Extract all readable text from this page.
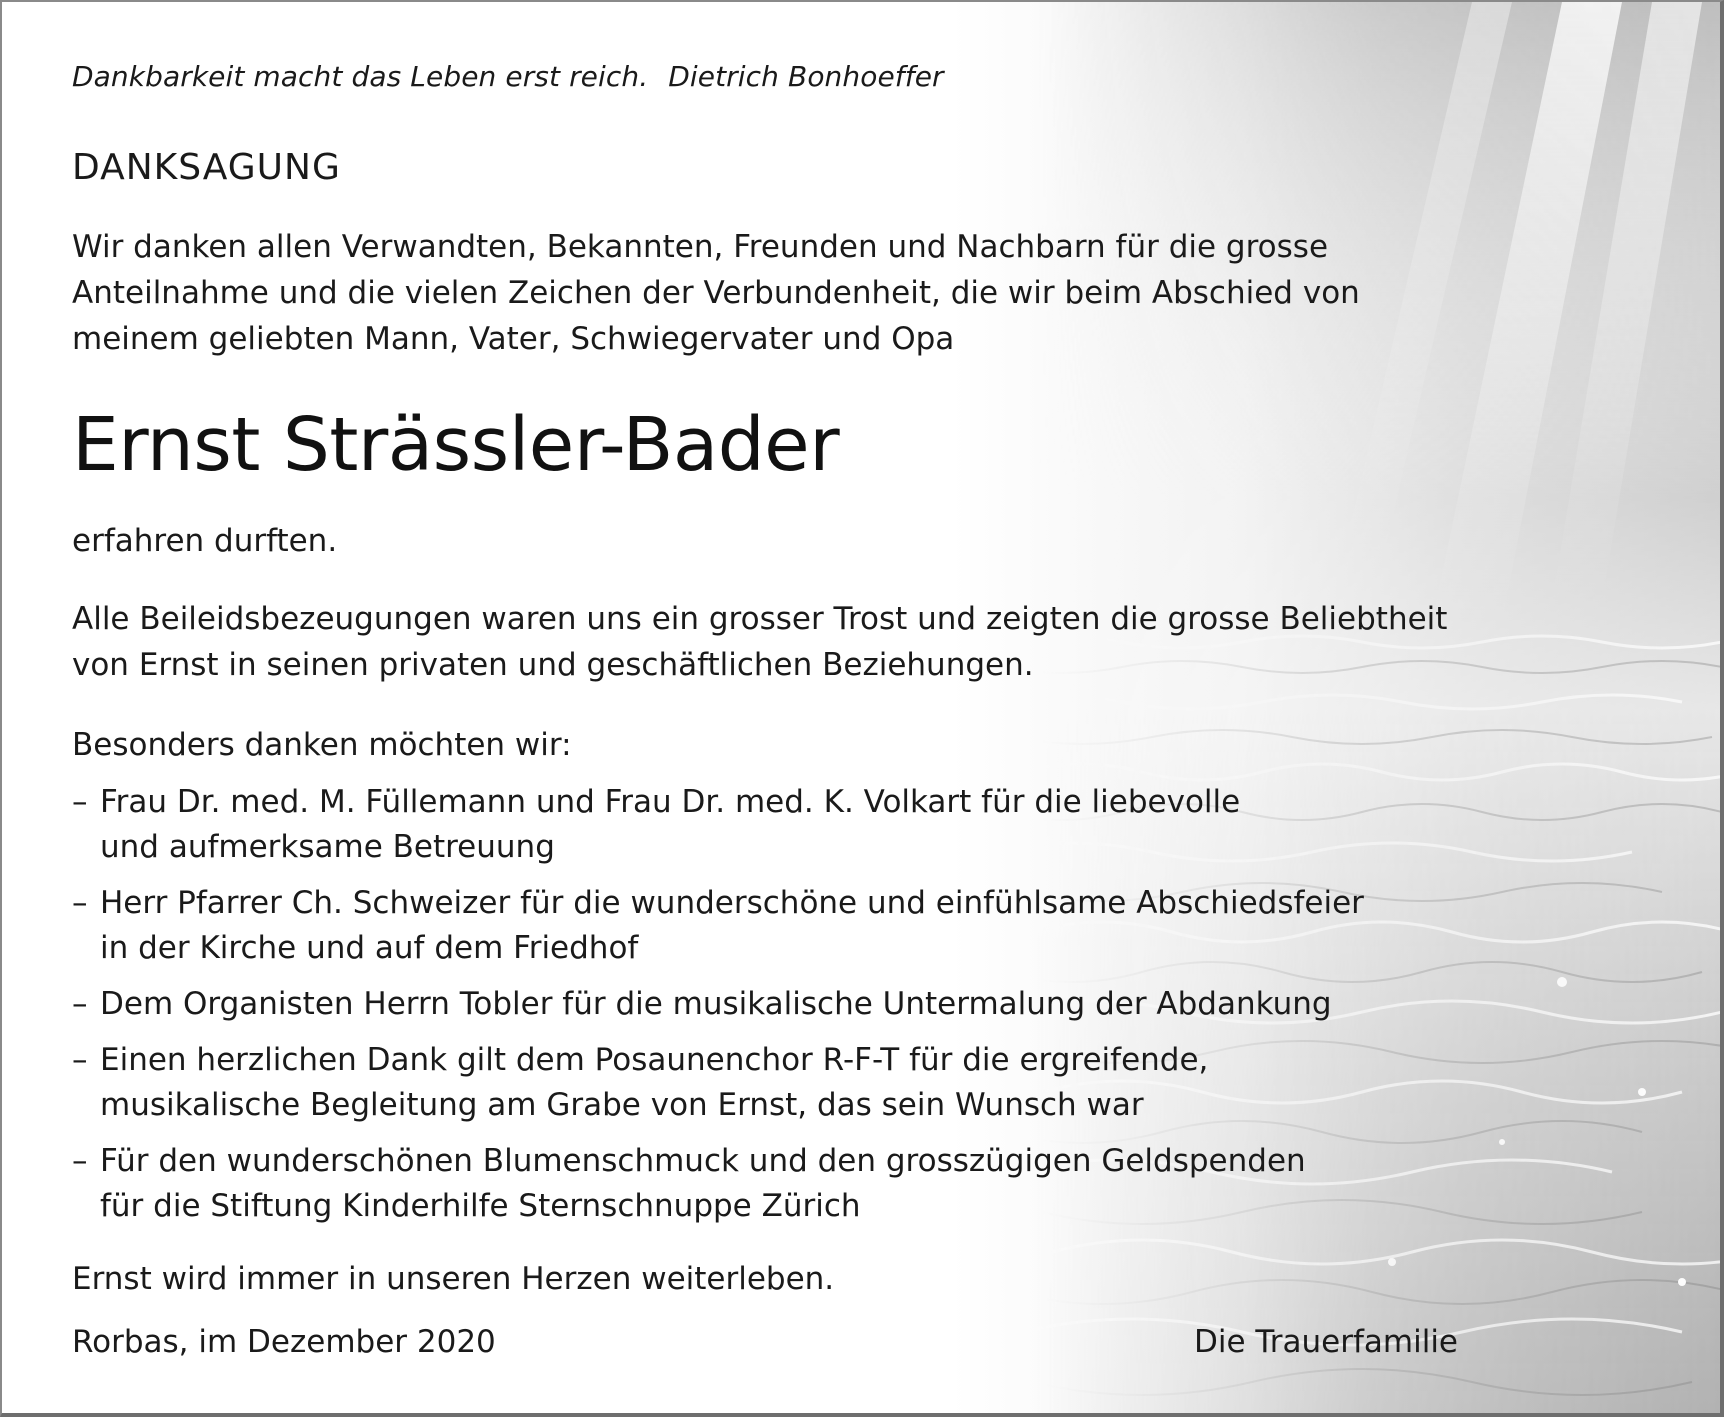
Dankbarkeit macht das Leben erst reich. Dietrich Bonhoeffer
DANKSAGUNG
Wir danken allen Verwandten, Bekannten, Freunden und Nachbarn für die grosse
Anteilnahme und die vielen Zeichen der Verbundenheit, die wir beim Abschied von
meinem geliebten Mann, Vater, Schwiegervater und Opa
Ernst Strässler-Bader
erfahren durften.
Alle Beileidsbezeugungen waren uns ein grosser Trost und zeigten die grosse Beliebtheit
von Ernst in seinen privaten und geschäftlichen Beziehungen.
Besonders danken möchten wir:
– Frau Dr. med. M. Füllemann und Frau Dr. med. K. Volkart für die liebevolle
und aufmerksame Betreuung
– Herr Pfarrer Ch. Schweizer für die wunderschöne und einfühlsame Abschiedsfeier
in der Kirche und auf dem Friedhof
– Dem Organisten Herrn Tobler für die musikalische Untermalung der Abdankung
– Einen herzlichen Dank gilt dem Posaunenchor R-F-T für die ergreifende,
musikalische Begleitung am Grabe von Ernst, das sein Wunsch war
– Für den wunderschönen Blumenschmuck und den grosszügigen Geldspenden
für die Stiftung Kinderhilfe Sternschnuppe Zürich
Ernst wird immer in unseren Herzen weiterleben.
Rorbas, im Dezember 2020	Die Trauerfamilie
